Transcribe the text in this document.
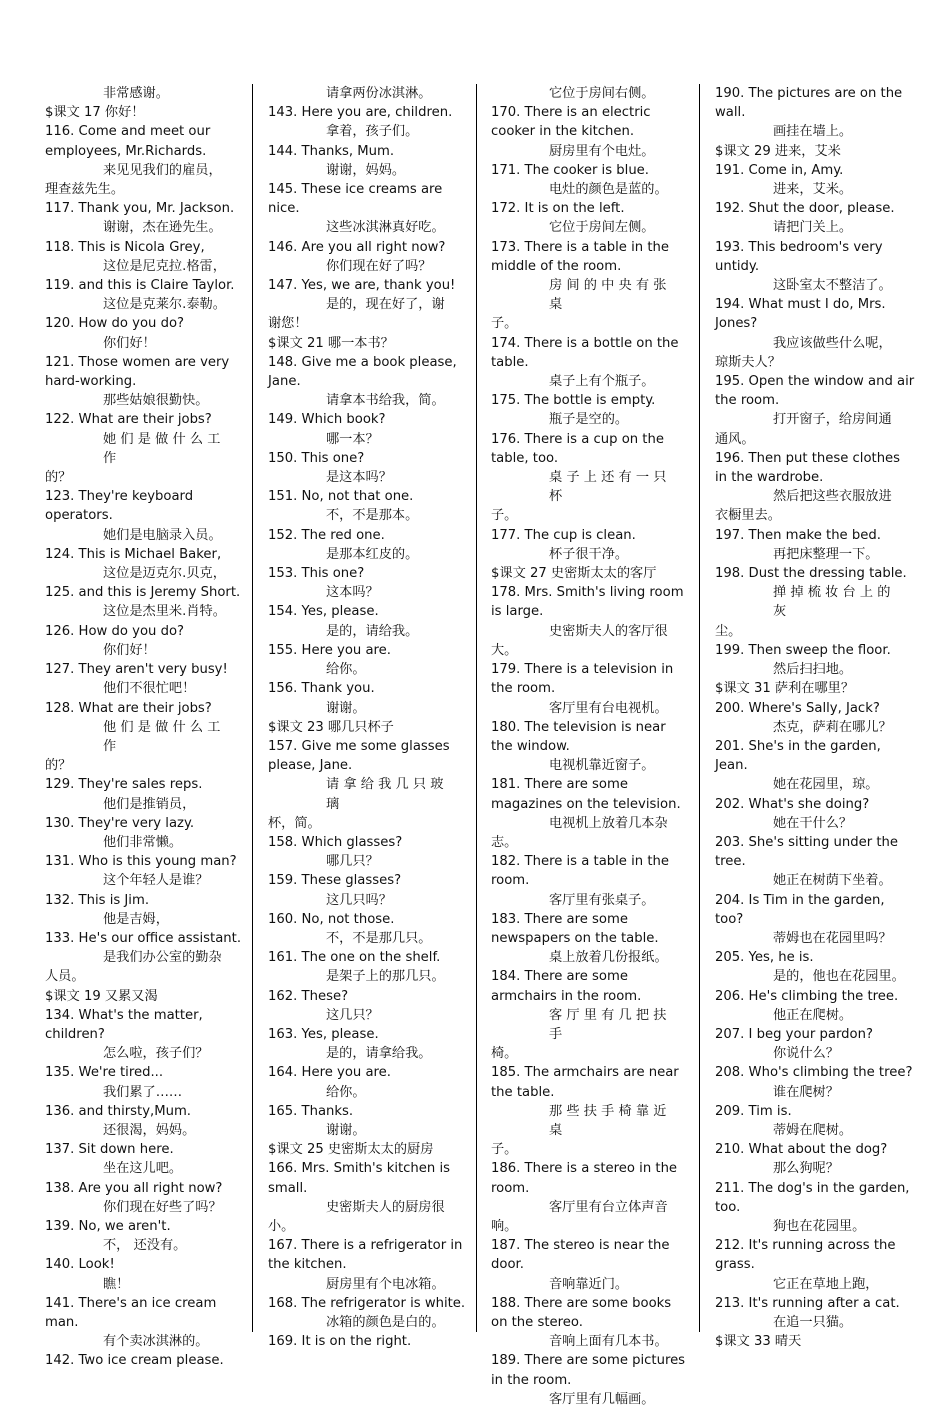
非常感谢。
$课文 17 你好！
116. Come and meet our
employees, Mr.Richards.
来见见我们的雇员，
理查兹先生。
117. Thank you, Mr. Jackson.
谢谢，杰在逊先生。
118. This is Nicola Grey,
这位是尼克拉.格雷，
119. and this is Claire Taylor.
这位是克莱尔.泰勒。
120. How do you do?
你们好！
121. Those women are very
hard-working.
那些姑娘很勤快。
122. What are their jobs?
她 们 是 做 什 么 工 作
的？
123. They're keyboard
operators.
她们是电脑录入员。
124. This is Michael Baker,
这位是迈克尔.贝克，
125. and this is Jeremy Short.
这位是杰里米.肖特。
126. How do you do?
你们好！
127. They aren't very busy!
他们不很忙吧！
128. What are their jobs?
他 们 是 做 什 么 工 作
的？
129. They're sales reps.
他们是推销员，
130. They're very lazy.
他们非常懒。
131. Who is this young man?
这个年轻人是谁？
132. This is Jim.
他是吉姆，
133. He's our office assistant.
是我们办公室的勤杂
人员。
$课文 19 又累又渴
134. What's the matter,
children?
怎么啦，孩子们？
135. We're tired...
我们累了……
136. and thirsty,Mum.
还很渴，妈妈。
137. Sit down here.
坐在这儿吧。
138. Are you all right now?
你们现在好些了吗？
139. No, we aren't.
不， 还没有。
140. Look!
瞧！
141. There's an ice cream
man.
有个卖冰淇淋的。
142. Two ice cream please.
请拿两份冰淇淋。
143. Here you are, children.
拿着，孩子们。
144. Thanks, Mum.
谢谢，妈妈。
145. These ice creams are
nice.
这些冰淇淋真好吃。
146. Are you all right now?
你们现在好了吗？
147. Yes, we are, thank you!
是的，现在好了，谢
谢您！
$课文 21 哪一本书？
148. Give me a book please,
Jane.
请拿本书给我，简。
149. Which book?
哪一本？
150. This one?
是这本吗？
151. No, not that one.
不，不是那本。
152. The red one.
是那本红皮的。
153. This one?
这本吗？
154. Yes, please.
是的，请给我。
155. Here you are.
给你。
156. Thank you.
谢谢。
$课文 23 哪几只杯子
157. Give me some glasses
please, Jane.
请 拿 给 我 几 只 玻 璃
杯，简。
158. Which glasses?
哪几只？
159. These glasses?
这几只吗？
160. No, not those.
不，不是那几只。
161. The one on the shelf.
是架子上的那几只。
162. These?
这几只？
163. Yes, please.
是的，请拿给我。
164. Here you are.
给你。
165. Thanks.
谢谢。
$课文 25 史密斯太太的厨房
166. Mrs. Smith's kitchen is
small.
史密斯夫人的厨房很
小。
167. There is a refrigerator in
the kitchen.
厨房里有个电冰箱。
168. The refrigerator is white.
冰箱的颜色是白的。
169. It is on the right.
它位于房间右侧。
170. There is an electric
cooker in the kitchen.
厨房里有个电灶。
171. The cooker is blue.
电灶的颜色是蓝的。
172. It is on the left.
它位于房间左侧。
173. There is a table in the
middle of the room.
房 间 的 中 央 有 张 桌
子。
174. There is a bottle on the
table.
桌子上有个瓶子。
175. The bottle is empty.
瓶子是空的。
176. There is a cup on the
table, too.
桌 子 上 还 有 一 只 杯
子。
177. The cup is clean.
杯子很干净。
$课文 27 史密斯太太的客厅
178. Mrs. Smith's living room
is large.
史密斯夫人的客厅很
大。
179. There is a television in
the room.
客厅里有台电视机。
180. The television is near
the window.
电视机靠近窗子。
181. There are some
magazines on the television.
电视机上放着几本杂
志。
182. There is a table in the
room.
客厅里有张桌子。
183. There are some
newspapers on the table.
桌上放着几份报纸。
184. There are some
armchairs in the room.
客 厅 里 有 几 把 扶 手
椅。
185. The armchairs are near
the table.
那 些 扶 手 椅 靠 近 桌
子。
186. There is a stereo in the
room.
客厅里有台立体声音
响。
187. The stereo is near the
door.
音响靠近门。
188. There are some books
on the stereo.
音响上面有几本书。
189. There are some pictures
in the room.
客厅里有几幅画。
190. The pictures are on the
wall.
画挂在墙上。
$课文 29 进来，艾米
191. Come in, Amy.
进来，艾米。
192. Shut the door, please.
请把门关上。
193. This bedroom's very
untidy.
这卧室太不整洁了。
194. What must I do, Mrs.
Jones?
我应该做些什么呢，
琼斯夫人？
195. Open the window and air
the room.
打开窗子，给房间通
通风。
196. Then put these clothes
in the wardrobe.
然后把这些衣服放进
衣橱里去。
197. Then make the bed.
再把床整理一下。
198. Dust the dressing table.
掸 掉 梳 妆 台 上 的 灰
尘。
199. Then sweep the floor.
然后扫扫地。
$课文 31 萨利在哪里？
200. Where's Sally, Jack?
杰克，萨莉在哪儿？
201. She's in the garden,
Jean.
她在花园里，琼。
202. What's she doing?
她在干什么？
203. She's sitting under the
tree.
她正在树荫下坐着。
204. Is Tim in the garden,
too?
蒂姆也在花园里吗？
205. Yes, he is.
是的，他也在花园里。
206. He's climbing the tree.
他正在爬树。
207. I beg your pardon?
你说什么？
208. Who's climbing the tree?
谁在爬树？
209. Tim is.
蒂姆在爬树。
210. What about the dog?
那么狗呢？
211. The dog's in the garden,
too.
狗也在花园里。
212. It's running across the
grass.
它正在草地上跑，
213. It's running after a cat.
在追一只猫。
$课文 33 晴天
